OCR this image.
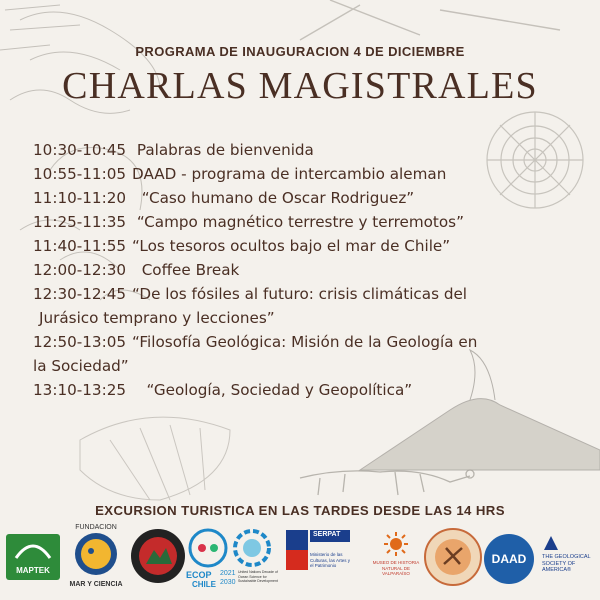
PROGRAMA DE INAUGURACION 4 DE DICIEMBRE
CHARLAS MAGISTRALES
10:30-10:45 Palabras de bienvenida
10:55-11:05 DAAD - programa de intercambio aleman
11:10-11:20 “Caso humano de Oscar Rodriguez”
11:25-11:35 “Campo magnético terrestre y terremotos”
11:40-11:55 “Los tesoros ocultos bajo el mar de Chile”
12:00-12:30 Coffee Break
12:30-12:45 “De los fósiles al futuro: crisis climáticas del
Jurásico temprano y lecciones”
12:50-13:05 “Filosofía Geológica: Misión de la Geología en
la Sociedad”
13:10-13:25 “Geología, Sociedad y Geopolítica”
EXCURSION TURISTICA EN LAS TARDES DESDE LAS 14 HRS
MAPTEK
FUNDACION
MAR Y CIENCIA
ECOP
CHILE
2021
2030
United Nations Decade of Ocean Science for Sustainable Development
SERPAT
Ministerio de las Culturas, las Artes y el Patrimonio
MUSEO DE HISTORIA NATURAL DE VALPARAÍSO
DAAD	THE GEOLOGICAL SOCIETY OF AMERICA®
